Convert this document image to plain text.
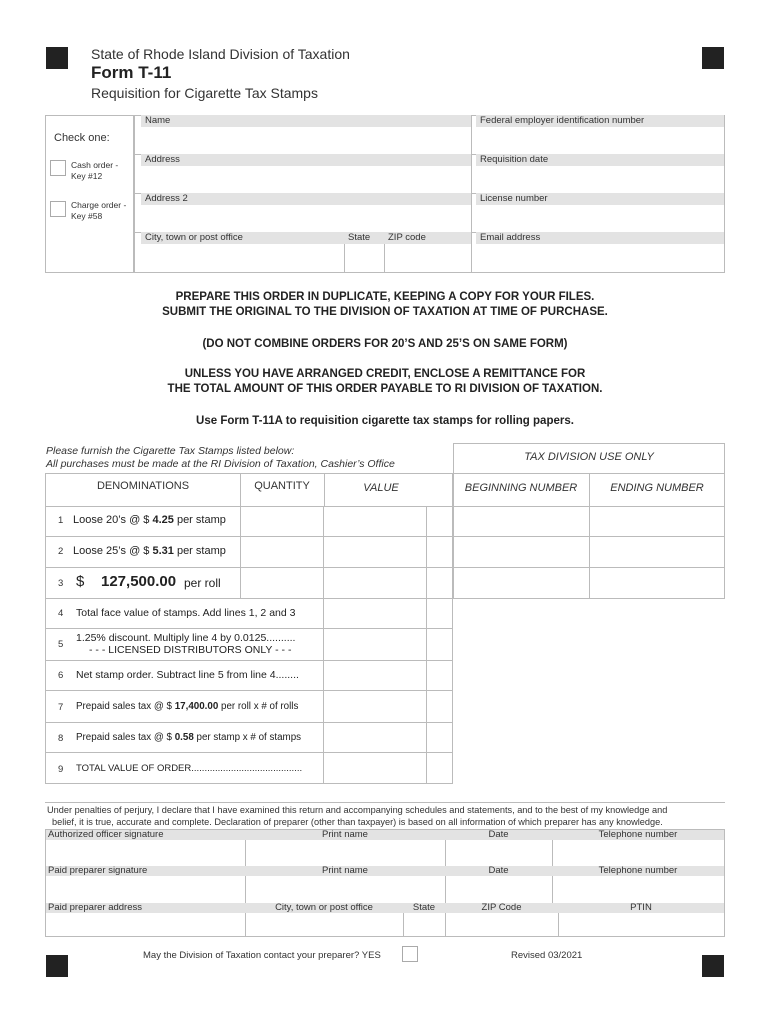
State of Rhode Island Division of Taxation
Form T-11
Requisition for Cigarette Tax Stamps
Check one:
Cash order -
Key #12
Charge order -
Key #58
Name	Federal employer identification number
Address	Requisition date
Address 2	License number
City, town or post office	State	ZIP code	Email address
PREPARE THIS ORDER IN DUPLICATE, KEEPING A COPY FOR YOUR FILES.
SUBMIT THE ORIGINAL TO THE DIVISION OF TAXATION AT TIME OF PURCHASE.
(DO NOT COMBINE ORDERS FOR 20’S AND 25’S ON SAME FORM)
UNLESS YOU HAVE ARRANGED CREDIT, ENCLOSE A REMITTANCE FOR
THE TOTAL AMOUNT OF THIS ORDER PAYABLE TO RI DIVISION OF TAXATION.
Use Form T-11A to requisition cigarette tax stamps for rolling papers.
Please furnish the Cigarette Tax Stamps listed below:
All purchases must be made at the RI Division of Taxation, Cashier’s Office
TAX DIVISION USE ONLY
DENOMINATIONS	QUANTITY	VALUE	BEGINNING NUMBER	ENDING NUMBER
1 Loose 20’s @ $ 4.25 per stamp
2 Loose 25’s @ $ 5.31 per stamp
3 $ 127,500.00 per roll
4 Total face value of stamps. Add lines 1, 2 and 3
5
1.25% discount. Multiply line 4 by 0.0125..........
- - - LICENSED DISTRIBUTORS ONLY - - -
6 Net stamp order. Subtract line 5 from line 4........
7 Prepaid sales tax @ $ 17,400.00 per roll x # of rolls
8 Prepaid sales tax @ $ 0.58 per stamp x # of stamps
9 TOTAL VALUE OF ORDER..........................................
Under penalties of perjury, I declare that I have examined this return and accompanying schedules and statements, and to the best of my knowledge and
belief, it is true, accurate and complete. Declaration of preparer (other than taxpayer) is based on all information of which preparer has any knowledge.
Authorized officer signature	Print name	Date	Telephone number
Paid preparer signature	Print name	Date	Telephone number
Paid preparer address	City, town or post office	State	ZIP Code	PTIN
May the Division of Taxation contact your preparer? YES	Revised 03/2021
